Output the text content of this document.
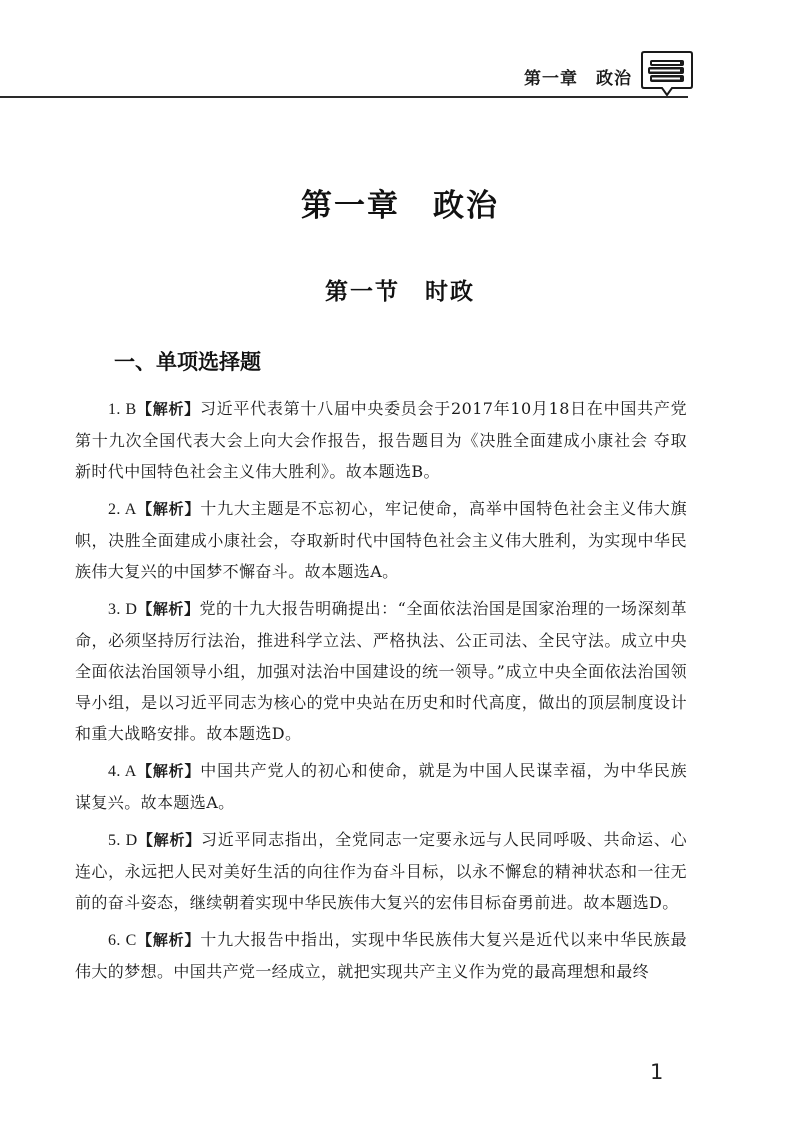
第一章　政治
第一章　政治
第一节　时政
一、单项选择题

1. B【解析】习近平代表第十八届中央委员会于2017年10月18日在中国共产党第十九次全国代表大会上向大会作报告，报告题目为《决胜全面建成小康社会 夺取新时代中国特色社会主义伟大胜利》。故本题选B。

2. A【解析】十九大主题是不忘初心，牢记使命，高举中国特色社会主义伟大旗帜，决胜全面建成小康社会，夺取新时代中国特色社会主义伟大胜利，为实现中华民族伟大复兴的中国梦不懈奋斗。故本题选A。

3. D【解析】党的十九大报告明确提出：“全面依法治国是国家治理的一场深刻革命，必须坚持厉行法治，推进科学立法、严格执法、公正司法、全民守法。成立中央全面依法治国领导小组，加强对法治中国建设的统一领导。”成立中央全面依法治国领导小组，是以习近平同志为核心的党中央站在历史和时代高度，做出的顶层制度设计和重大战略安排。故本题选D。

4. A【解析】中国共产党人的初心和使命，就是为中国人民谋幸福，为中华民族谋复兴。故本题选A。

5. D【解析】习近平同志指出，全党同志一定要永远与人民同呼吸、共命运、心连心，永远把人民对美好生活的向往作为奋斗目标，以永不懈怠的精神状态和一往无前的奋斗姿态，继续朝着实现中华民族伟大复兴的宏伟目标奋勇前进。故本题选D。

6. C【解析】十九大报告中指出，实现中华民族伟大复兴是近代以来中华民族最伟大的梦想。中国共产党一经成立，就把实现共产主义作为党的最高理想和最终

1
